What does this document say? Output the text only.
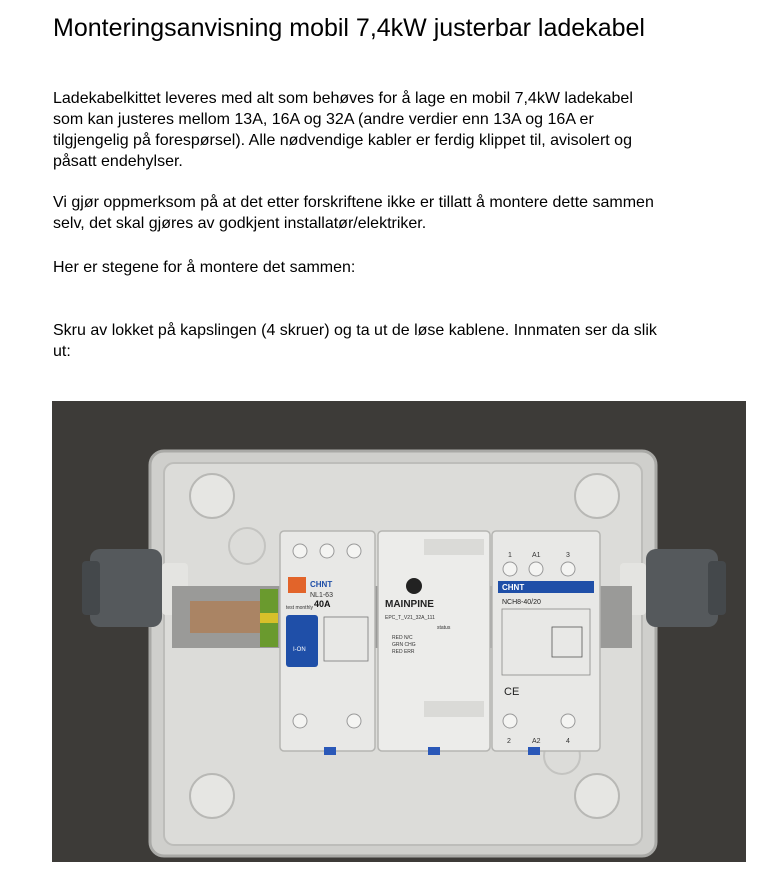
Monteringsanvisning mobil 7,4kW justerbar ladekabel
Ladekabelkittet leveres med alt som behøves for å lage en mobil 7,4kW ladekabel
som kan justeres mellom 13A, 16A og 32A (andre verdier enn 13A og 16A er
tilgjengelig på forespørsel). Alle nødvendige kabler er ferdig klippet til, avisolert og
påsatt endehylser.
Vi gjør oppmerksom på at det etter forskriftene ikke er tillatt å montere dette sammen
selv, det skal gjøres av godkjent installatør/elektriker.
Her er stegene for å montere det sammen:
Skru av lokket på kapslingen (4 skruer) og ta ut de løse kablene. Innmaten ser da slik
ut:
CHNT
NL1-63
40A
test monthly
I-ON
MAINPINE
EPC_T_V21_32A_111
status
RED N/C
GRN CHG
RED ERR
1	A1	3
CHNT
NCH8-40/20
CE
2	A2	4
